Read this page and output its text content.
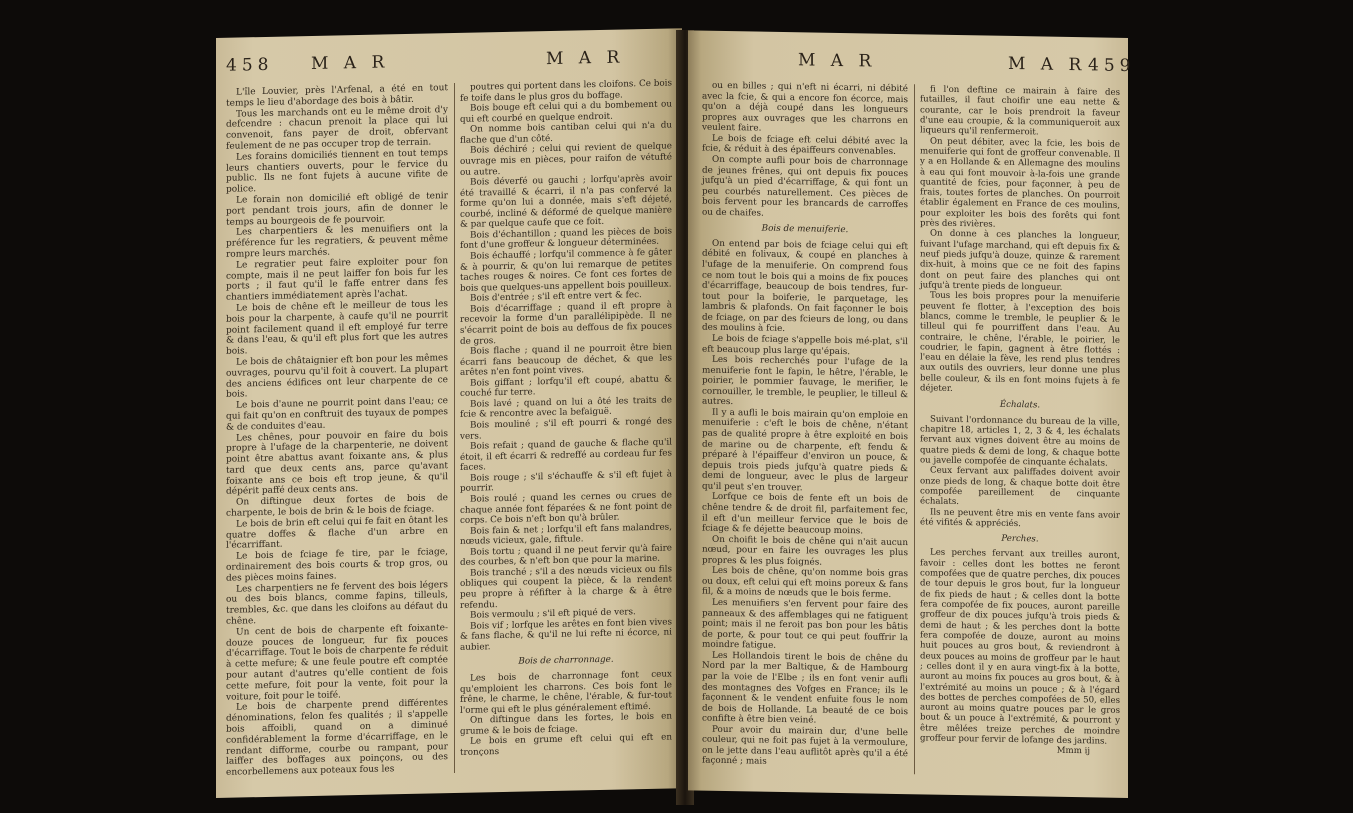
458 M A R	M A R

L'île Louvier, près l'Arfenal, a été en tout temps le lieu d'abordage des bois à bâtir.

Tous les marchands ont eu le même droit d'y defcendre : chacun prenoit la place qui lui convenoit, fans payer de droit, obfervant feulement de ne pas occuper trop de terrain.

Les forains domiciliés tiennent en tout temps leurs chantiers ouverts, pour le fervice du public. Ils ne font fujets à aucune vifite de police.

Le forain non domicilié eft obligé de tenir port pendant trois jours, afin de donner le temps au bourgeois de fe pourvoir.

Les charpentiers & les menuifiers ont la préférence fur les regratiers, & peuvent même rompre leurs marchés.

Le regratier peut faire exploiter pour fon compte, mais il ne peut laiffer fon bois fur les ports ; il faut qu'il le faffe entrer dans fes chantiers immédiatement après l'achat.

Le bois de chêne eft le meilleur de tous les bois pour la charpente, à caufe qu'il ne pourrit point facilement quand il eft employé fur terre & dans l'eau, & qu'il eft plus fort que les autres bois.

Le bois de châtaignier eft bon pour les mêmes ouvrages, pourvu qu'il foit à couvert. La plupart des anciens édifices ont leur charpente de ce bois.

Le bois d'aune ne pourrit point dans l'eau; ce qui fait qu'on en conftruit des tuyaux de pompes & de conduites d'eau.

Les chênes, pour pouvoir en faire du bois propre à l'ufage de la charpenterie, ne doivent point être abattus avant foixante ans, & plus tard que deux cents ans, parce qu'avant foixante ans ce bois eft trop jeune, & qu'il dépérit paffé deux cents ans.

On diftingue deux fortes de bois de charpente, le bois de brin & le bois de fciage.

Le bois de brin eft celui qui fe fait en ôtant les quatre doffes & flache d'un arbre en l'écarriffant.

Le bois de fciage fe tire, par le fciage, ordinairement des bois courts & trop gros, ou des pièces moins faines.

Les charpentiers ne fe fervent des bois légers ou des bois blancs, comme fapins, tilleuls, trembles, &c. que dans les cloifons au défaut du chêne.

Un cent de bois de charpente eft foixante-douze pouces de longueur, fur fix pouces d'écarriffage. Tout le bois de charpente fe réduit à cette mefure; & une feule poutre eft comptée pour autant d'autres qu'elle contient de fois cette mefure, foit pour la vente, foit pour la voiture, foit pour le toifé.

Le bois de charpente prend différentes dénominations, felon fes qualités ; il s'appelle bois affoibli, quand on a diminué confidérablement la forme d'écarriffage, en le rendant difforme, courbe ou rampant, pour laiffer des boffages aux poinçons, ou des encorbellemens aux poteaux fous les

poutres qui portent dans les cloifons. Ce bois fe toife dans le plus gros du boffage.

Bois bouge eft celui qui a du bombement ou qui eft courbé en quelque endroit.

On nomme bois cantiban celui qui n'a du flache que d'un côté.

Bois déchiré ; celui qui revient de quelque ouvrage mis en pièces, pour raifon de vétufté ou autre.

Bois déverfé ou gauchi ; lorfqu'après avoir été travaillé & écarri, il n'a pas confervé la forme qu'on lui a donnée, mais s'eft déjeté, courbé, incliné & déformé de quelque manière & par quelque caufe que ce foit.

Bois d'échantillon ; quand les pièces de bois font d'une groffeur & longueur déterminées.

Bois échauffé ; lorfqu'il commence à fe gâter & à pourrir, & qu'on lui remarque de petites taches rouges & noires. Ce font ces fortes de bois que quelques-uns appellent bois pouilleux.

Bois d'entrée ; s'il eft entre vert & fec.

Bois d'écarriffage ; quand il eft propre à recevoir la forme d'un parallélipipède. Il ne s'écarrit point de bois au deffous de fix pouces de gros.

Bois flache ; quand il ne pourroit être bien écarri fans beaucoup de déchet, & que les arêtes n'en font point vives.

Bois giffant ; lorfqu'il eft coupé, abattu & couché fur terre.

Bois lavé ; quand on lui a ôté les traits de fcie & rencontre avec la befaiguë.

Bois mouliné ; s'il eft pourri & rongé des vers.

Bois refait ; quand de gauche & flache qu'il étoit, il eft écarri & redreffé au cordeau fur fes faces.

Bois rouge ; s'il s'échauffe & s'il eft fujet à pourrir.

Bois roulé ; quand les cernes ou crues de chaque année font féparées & ne font point de corps. Ce bois n'eft bon qu'à brûler.

Bois fain & net ; lorfqu'il eft fans malandres, nœuds vicieux, gale, fiftule.

Bois tortu ; quand il ne peut fervir qu'à faire des courbes, & n'eft bon que pour la marine.

Bois tranché ; s'il a des nœuds vicieux ou fils obliques qui coupent la pièce, & la rendent peu propre à réfifter à la charge & à être refendu.

Bois vermoulu ; s'il eft piqué de vers.

Bois vif ; lorfque les arêtes en font bien vives & fans flache, & qu'il ne lui refte ni écorce, ni aubier.

Bois de charronnage.

Les bois de charronnage font ceux qu'emploient les charrons. Ces bois font le frêne, le charme, le chêne, l'érable, & fur-tout l'orme qui eft le plus généralement eftimé.

On diftingue dans les fortes, le bois en grume & le bois de fciage.

Le bois en grume eft celui qui eft en tronçons

M A R	M A R 459

ou en billes ; qui n'eft ni écarri, ni débité avec la fcie, & qui a encore fon écorce, mais qu'on a déjà coupé dans les longueurs propres aux ouvrages que les charrons en veulent faire.

Le bois de fciage eft celui débité avec la fcie, & réduit à des épaiffeurs convenables.

On compte aufli pour bois de charronnage de jeunes frênes, qui ont depuis fix pouces jufqu'à un pied d'écarriffage, & qui font un peu courbés naturellement. Ces pièces de bois fervent pour les brancards de carroffes ou de chaifes.

Bois de menuiferie.

On entend par bois de fciage celui qui eft débité en folivaux, & coupé en planches à l'ufage de la menuiferie. On comprend fous ce nom tout le bois qui a moins de fix pouces d'écarriffage, beaucoup de bois tendres, fur-tout pour la boiferie, le parquetage, les lambris & plafonds. On fait façonner le bois de fciage, on par des fcieurs de long, ou dans des moulins à fcie.

Le bois de fciage s'appelle bois mé-plat, s'il eft beaucoup plus large qu'épais.

Les bois recherchés pour l'ufage de la menuiferie font le fapin, le hêtre, l'érable, le poirier, le pommier fauvage, le merifier, le cornouiller, le tremble, le peuplier, le tilleul & autres.

Il y a aufli le bois mairain qu'on emploie en menuiferie : c'eft le bois de chêne, n'étant pas de qualité propre à être exploité en bois de marine ou de charpente, eft fendu & préparé à l'épaiffeur d'environ un pouce, & depuis trois pieds jufqu'à quatre pieds & demi de longueur, avec le plus de largeur qu'il peut s'en trouver.

Lorfque ce bois de fente eft un bois de chêne tendre & de droit fil, parfaitement fec, il eft d'un meilleur fervice que le bois de fciage & fe déjette beaucoup moins.

On choifit le bois de chêne qui n'ait aucun nœud, pour en faire les ouvrages les plus propres & les plus foignés.

Les bois de chêne, qu'on nomme bois gras ou doux, eft celui qui eft moins poreux & fans fil, & a moins de nœuds que le bois ferme.

Les menuifiers s'en fervent pour faire des panneaux & des affemblages qui ne fatiguent point; mais il ne feroit pas bon pour les bâtis de porte, & pour tout ce qui peut fouffrir la moindre fatigue.

Les Hollandois tirent le bois de chêne du Nord par la mer Baltique, & de Hambourg par la voie de l'Elbe ; ils en font venir aufli des montagnes des Vofges en France; ils le façonnent & le vendent enfuite fous le nom de bois de Hollande. La beauté de ce bois confifte à être bien veiné.

Pour avoir du mairain dur, d'une belle couleur, qui ne foit pas fujet à la vermoulure, on le jette dans l'eau auflitôt après qu'il a été façonné ; mais

fi l'on deftine ce mairain à faire des futailles, il faut choifir une eau nette & courante, car le bois prendroit la faveur d'une eau croupie, & la communiqueroit aux liqueurs qu'il renfermeroit.

On peut débiter, avec la fcie, les bois de menuiferie qui font de groffeur convenable. Il y a en Hollande & en Allemagne des moulins à eau qui font mouvoir à-la-fois une grande quantité de fcies, pour façonner, à peu de frais, toutes fortes de planches. On pourroit établir également en France de ces moulins, pour exploiter les bois des forêts qui font près des rivières.

On donne à ces planches la longueur, fuivant l'ufage marchand, qui eft depuis fix & neuf pieds jufqu'à douze, quinze & rarement dix-huit, à moins que ce ne foit des fapins dont on peut faire des planches qui ont jufqu'à trente pieds de longueur.

Tous les bois propres pour la menuiferie peuvent fe flotter, à l'exception des bois blancs, comme le tremble, le peuplier & le tilleul qui fe pourriffent dans l'eau. Au contraire, le chêne, l'érable, le poirier, le coudrier, le fapin, gagnent à être flottés : l'eau en délaie la fève, les rend plus tendres aux outils des ouvriers, leur donne une plus belle couleur, & ils en font moins fujets à fe déjeter.

Échalats.

Suivant l'ordonnance du bureau de la ville, chapitre 18, articles 1, 2, 3 & 4, les échalats fervant aux vignes doivent être au moins de quatre pieds & demi de long, & chaque botte ou javelle compofée de cinquante échalats.

Ceux fervant aux paliffades doivent avoir onze pieds de long, & chaque botte doit être compofée pareillement de cinquante échalats.

Ils ne peuvent être mis en vente fans avoir été vifités & appréciés.

Perches.

Les perches fervant aux treilles auront, favoir : celles dont les bottes ne feront compofées que de quatre perches, dix pouces de tour depuis le gros bout, fur la longueur de fix pieds de haut ; & celles dont la botte fera compofée de fix pouces, auront pareille groffeur de dix pouces jufqu'à trois pieds & demi de haut ; & les perches dont la botte fera compofée de douze, auront au moins huit pouces au gros bout, & reviendront à deux pouces au moins de groffeur par le haut ; celles dont il y en aura vingt-fix à la botte, auront au moins fix pouces au gros bout, & à l'extrémité au moins un pouce ; & à l'égard des bottes de perches compofées de 50, elles auront au moins quatre pouces par le gros bout & un pouce à l'extrémité, & pourront y être mêlées treize perches de moindre groffeur pour fervir de lofange des jardins.

Mmm ij
